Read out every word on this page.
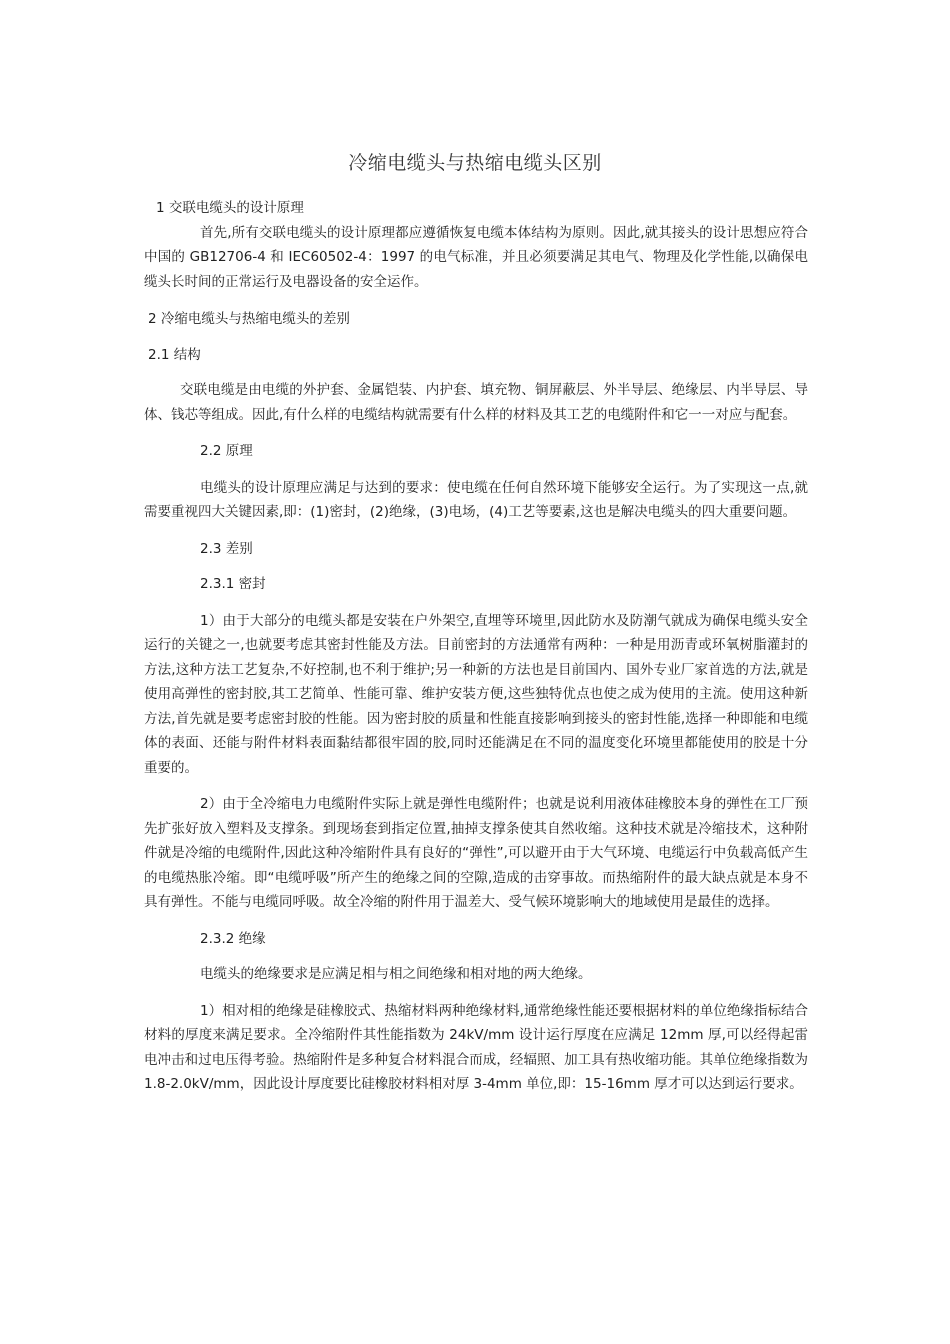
冷缩电缆头与热缩电缆头区别
1 交联电缆头的设计原理
首先,所有交联电缆头的设计原理都应遵循恢复电缆本体结构为原则。因此,就其接头的设计思想应符合中国的 GB12706-4 和 IEC60502-4：1997 的电气标准，并且必须要满足其电气、物理及化学性能,以确保电缆头长时间的正常运行及电器设备的安全运作。
2 冷缩电缆头与热缩电缆头的差别
2.1 结构
交联电缆是由电缆的外护套、金属铠装、内护套、填充物、铜屏蔽层、外半导层、绝缘层、内半导层、导体、钱芯等组成。因此,有什么样的电缆结构就需要有什么样的材料及其工艺的电缆附件和它一一对应与配套。
2.2 原理
电缆头的设计原理应满足与达到的要求：使电缆在任何自然环境下能够安全运行。为了实现这一点,就需要重视四大关键因素,即：(1)密封，(2)绝缘，(3)电场，(4)工艺等要素,这也是解决电缆头的四大重要问题。
2.3 差别
2.3.1 密封
1）由于大部分的电缆头都是安装在户外架空,直埋等环境里,因此防水及防潮气就成为确保电缆头安全运行的关键之一,也就要考虑其密封性能及方法。目前密封的方法通常有两种：一种是用沥青或环氧树脂灌封的方法,这种方法工艺复杂,不好控制,也不利于维护;另一种新的方法也是目前国内、国外专业厂家首选的方法,就是使用高弹性的密封胶,其工艺简单、性能可靠、维护安装方便,这些独特优点也使之成为使用的主流。使用这种新方法,首先就是要考虑密封胶的性能。因为密封胶的质量和性能直接影响到接头的密封性能,选择一种即能和电缆体的表面、还能与附件材料表面黏结都很牢固的胶,同时还能满足在不同的温度变化环境里都能使用的胶是十分重要的。
2）由于全冷缩电力电缆附件实际上就是弹性电缆附件；也就是说利用液体硅橡胶本身的弹性在工厂预先扩张好放入塑料及支撑条。到现场套到指定位置,抽掉支撑条使其自然收缩。这种技术就是冷缩技术，这种附件就是冷缩的电缆附件,因此这种冷缩附件具有良好的“弹性”,可以避开由于大气环境、电缆运行中负载高低产生的电缆热胀冷缩。即“电缆呼吸”所产生的绝缘之间的空隙,造成的击穿事故。而热缩附件的最大缺点就是本身不具有弹性。不能与电缆同呼吸。故全冷缩的附件用于温差大、受气候环境影响大的地域使用是最佳的选择。
2.3.2 绝缘
电缆头的绝缘要求是应满足相与相之间绝缘和相对地的两大绝缘。
1）相对相的绝缘是硅橡胶式、热缩材料两种绝缘材料,通常绝缘性能还要根据材料的单位绝缘指标结合材料的厚度来满足要求。全冷缩附件其性能指数为 24kV/mm 设计运行厚度在应满足 12mm 厚,可以经得起雷电冲击和过电压得考验。热缩附件是多种复合材料混合而成，经辐照、加工具有热收缩功能。其单位绝缘指数为 1.8-2.0kV/mm，因此设计厚度要比硅橡胶材料相对厚 3-4mm 单位,即：15-16mm 厚才可以达到运行要求。
